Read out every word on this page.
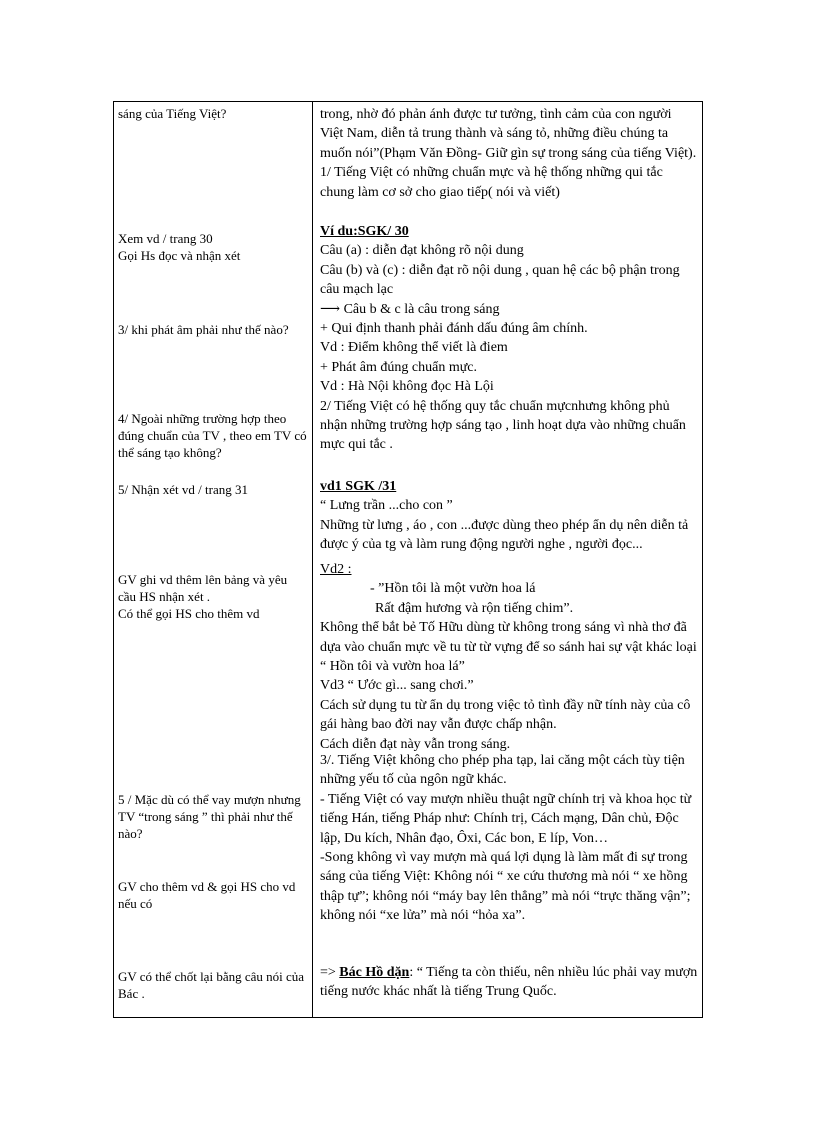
sáng của Tiếng Việt?

Xem vd / trang 30
Gọi Hs đọc và nhận xét

3/ khi phát âm phải như thế nào?

4/ Ngoài những trường hợp theo đúng chuẩn của TV , theo em TV có thể sáng tạo không?

5/ Nhận xét vd / trang 31

GV ghi vd thêm lên bảng và yêu cầu HS nhận xét .
Có thể gọi HS cho thêm vd

5 / Mặc dù có thể vay mượn nhưng TV “trong sáng ” thì phải như thế nào?

GV cho thêm vd & gọi HS cho vd nếu có

GV có thể chốt lại bằng câu nói của Bác .

trong, nhờ đó phản ánh được tư tưởng, tình cảm của con người Việt Nam, diễn tả trung thành và sáng tỏ, những điều chúng ta muốn nói”(Phạm Văn Đồng- Giữ gìn sự trong sáng của tiếng Việt).
1/ Tiếng Việt có những chuẩn mực và hệ thống những qui tắc chung làm cơ sở cho giao tiếp( nói và viết)
Ví du:SGK/ 30
Câu (a) : diễn đạt không rõ nội dung
Câu (b) và (c) : diễn đạt rõ nội dung , quan hệ các bộ phận trong câu mạch lạc
⟶ Câu b & c là câu trong sáng
+ Qui định thanh phải đánh dấu đúng âm chính.
Vd : Điểm không thể viết là điem
+ Phát âm đúng chuẩn mực.
Vd : Hà Nội không đọc Hà Lội
2/ Tiếng Việt có hệ thống quy tắc chuẩn mựcnhưng không phủ nhận những trường hợp sáng tạo , linh hoạt dựa vào những chuẩn mực qui tắc .
vd1 SGK /31
“ Lưng trần ...cho con ”
Những từ lưng , áo , con ...được dùng theo phép ẩn dụ nên diễn tả được ý của tg và làm rung động người nghe , người đọc...
Vd2 :
- ”Hồn tôi là một vườn hoa lá
Rất đậm hương và rộn tiếng chim”.
Không thể bắt bẻ Tố Hữu dùng từ không trong sáng vì nhà thơ đã dựa vào chuẩn mực về tu từ từ vựng để so sánh hai sự vật khác loại “ Hồn tôi và vườn hoa lá”
Vd3 “ Ước gì... sang chơi.”
Cách sử dụng tu từ ẩn dụ trong việc tỏ tình đầy nữ tính này của cô gái hàng bao đời nay vẫn được chấp nhận.
Cách diễn đạt này vẫn trong sáng.
3/. Tiếng Việt không cho phép pha tạp, lai căng một cách tùy tiện những yếu tố của ngôn ngữ khác.
- Tiếng Việt có vay mượn nhiều thuật ngữ chính trị và khoa học từ tiếng Hán, tiếng Pháp như: Chính trị, Cách mạng, Dân chủ, Độc lập, Du kích, Nhân đạo, Ôxi, Các bon, E líp, Von…
-Song không vì vay mượn mà quá lợi dụng là làm mất đi sự trong sáng của tiếng Việt: Không nói “ xe cứu thương mà nói “ xe hồng thập tự”; không nói “máy bay lên thẳng” mà nói “trực thăng vận”; không nói “xe lửa” mà nói “hỏa xa”.
=> Bác Hồ dặn: “ Tiếng ta còn thiếu, nên nhiều lúc phải vay mượn tiếng nước khác nhất là tiếng Trung Quốc.
